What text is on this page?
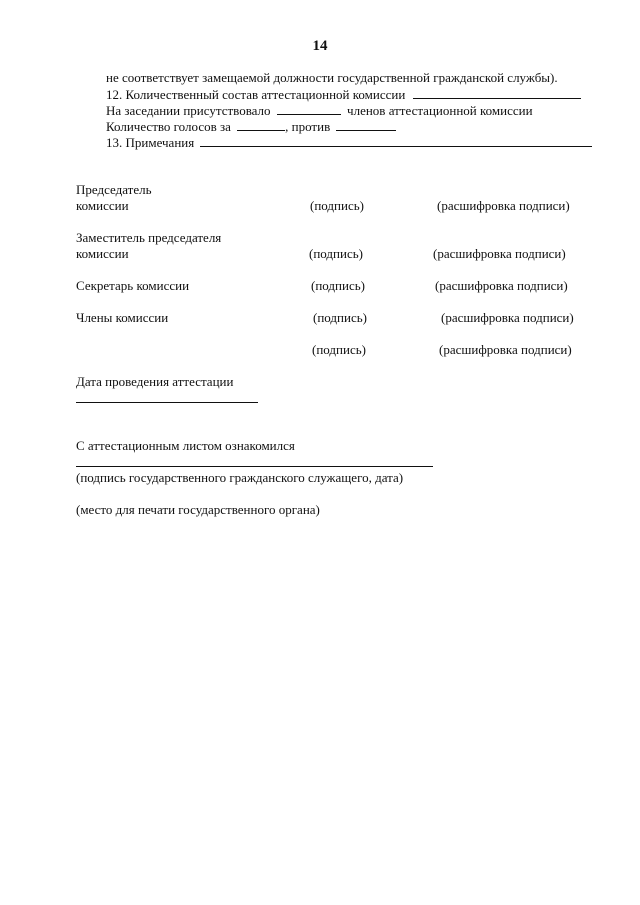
14
не соответствует замещаемой должности государственной гражданской службы).
12. Количественный состав аттестационной комиссии
На заседании присутствовало	членов аттестационной комиссии
Количество голосов за	, против
13. Примечания
Председатель
комиссии	(подпись)	(расшифровка подписи)
Заместитель председателя
комиссии	(подпись)	(расшифровка подписи)
Секретарь комиссии	(подпись)	(расшифровка подписи)
Члены комиссии	(подпись)	(расшифровка подписи)
(подпись)	(расшифровка подписи)
Дата проведения аттестации
С аттестационным листом ознакомился
(подпись государственного гражданского служащего, дата)
(место для печати государственного органа)
